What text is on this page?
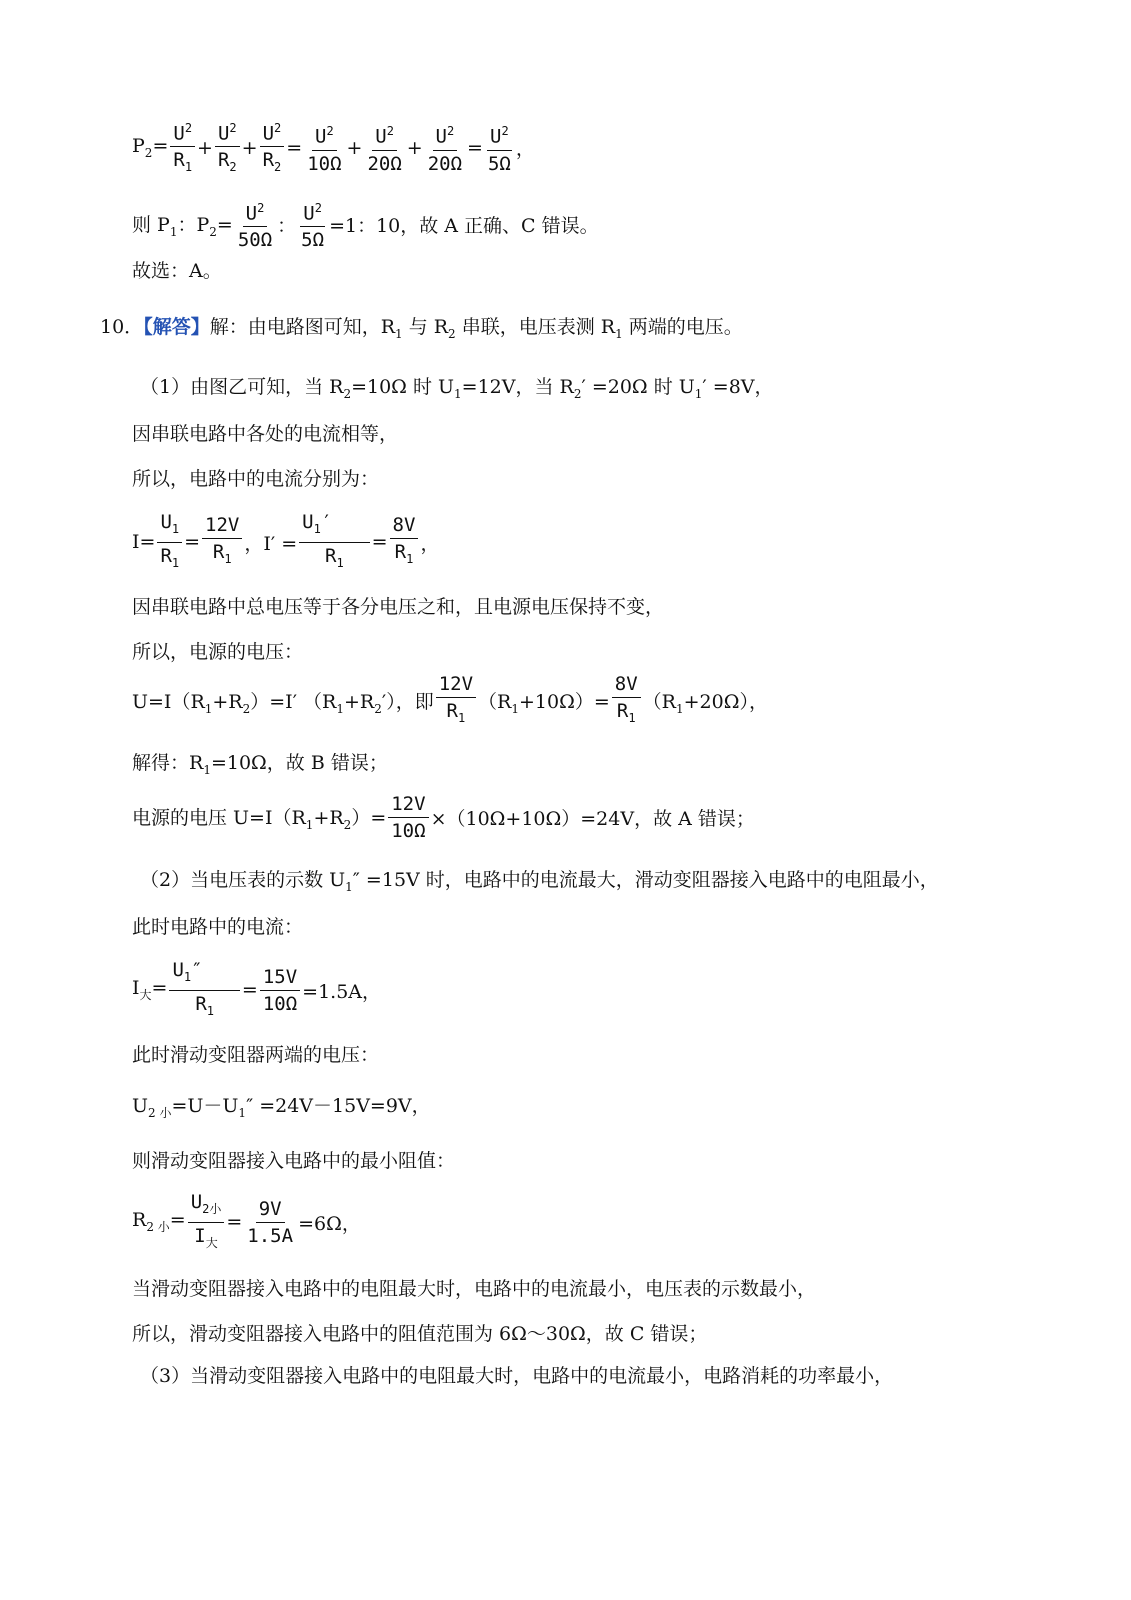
$P_2= \frac{U^2}{R_1} + \frac{U^2}{R_2} + \frac{U^2}{R_2} = \frac{U^2}{10\Omega} + \frac{U^2}{20\Omega} + \frac{U^2}{20\Omega} = \frac{U^2}{5\Omega}$ ，
则 $P_1$：$P_2= \frac{U^2}{50\Omega}$ ： $\frac{U^2}{5\Omega} =1$：10，故 A 正确、C 错误。
故选：A。
10．【解答】解：由电路图可知，$R_1$ 与 $R_2$ 串联，电压表测 $R_1$ 两端的电压。
（1）由图乙可知，当 $R_2=10\Omega$ 时 $U_1=12V$，当 $R_2' =20\Omega$ 时 $U_1' =8V$，
因串联电路中各处的电流相等，
所以，电路中的电流分别为：
$I= \frac{U_1}{R_1} = \frac{12V}{R_1}$ ，$I' = \frac{U_1'}{R_1} = \frac{8V}{R_1}$ ，
因串联电路中总电压等于各分电压之和，且电源电压保持不变，
所以，电源的电压：
$U=I(R_1+R_2)=I'$ $(R_1+R_2')$，即 $\frac{12V}{R_1} (R_1+10\Omega)= \frac{8V}{R_1} (R_1+20\Omega)$，
解得：$R_1=10\Omega$，故 B 错误；
电源的电压 $U=I(R_1+R_2)= \frac{12V}{10\Omega} \times(10\Omega+10\Omega)=24V$，故 A 错误；
（2）当电压表的示数 $U_1'' =15V$ 时，电路中的电流最大，滑动变阻器接入电路中的电阻最小，
此时电路中的电流：
$I_大= \frac{U_1''}{R_1} = \frac{15V}{10\Omega} =1.5A$，
此时滑动变阻器两端的电压：
$U_{2 小}=U-U_1'' =24V-15V=9V$，
则滑动变阻器接入电路中的最小阻值：
$R_{2 小}= \frac{U_{2小}}{I_大} = \frac{9V}{1.5A} =6\Omega$，
当滑动变阻器接入电路中的电阻最大时，电路中的电流最小，电压表的示数最小，
所以，滑动变阻器接入电路中的阻值范围为 6Ω～30Ω，故 C 错误；
（3）当滑动变阻器接入电路中的电阻最大时，电路中的电流最小，电路消耗的功率最小，
